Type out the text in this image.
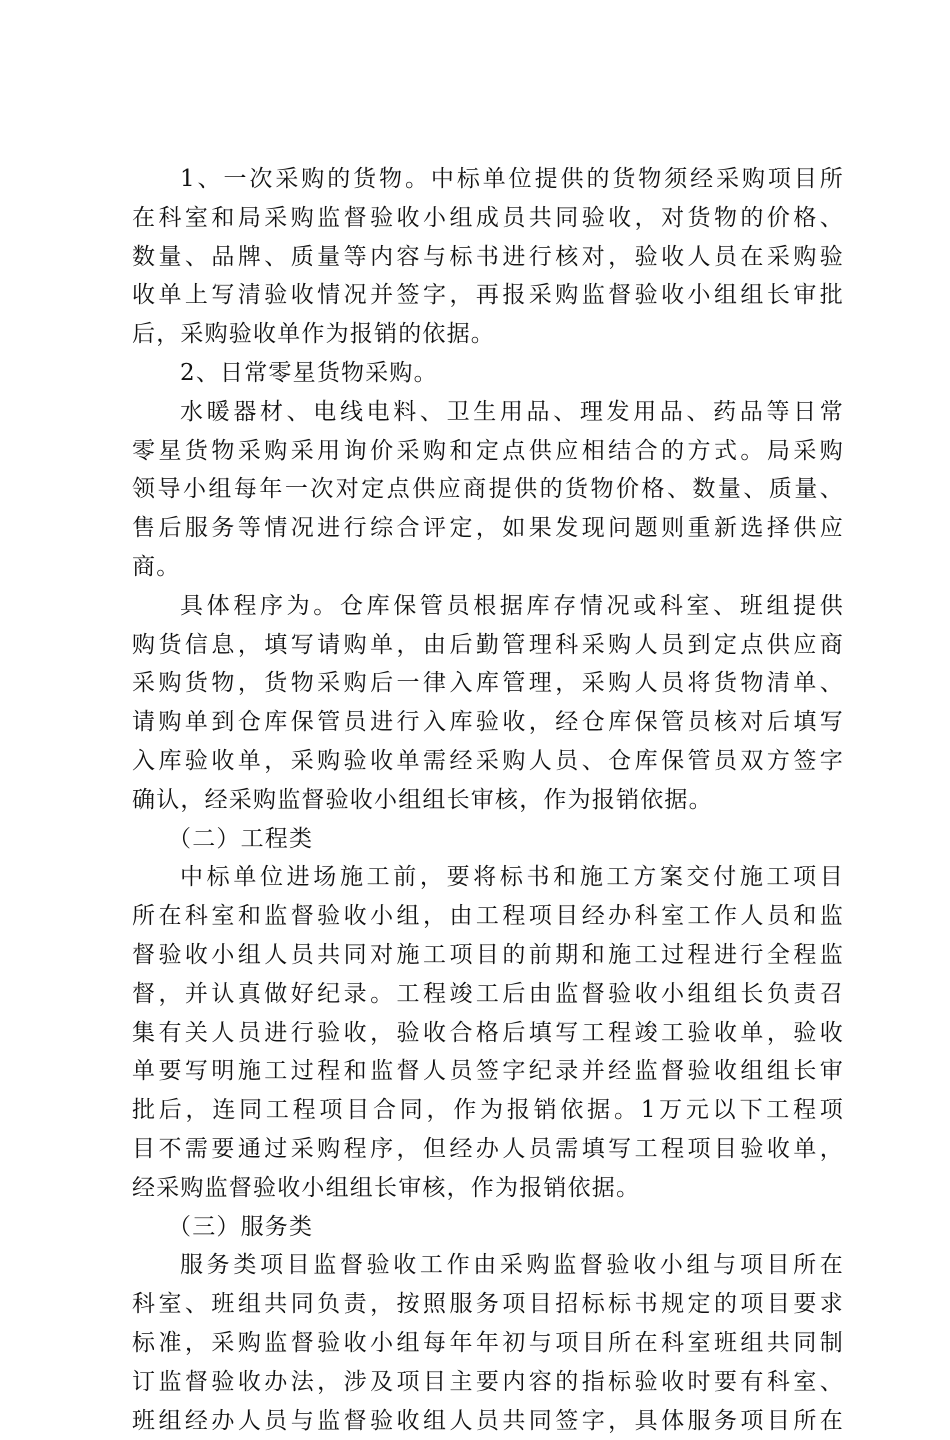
1、一次采购的货物。中标单位提供的货物须经采购项目所
在科室和局采购监督验收小组成员共同验收，对货物的价格、
数量、品牌、质量等内容与标书进行核对，验收人员在采购验
收单上写清验收情况并签字，再报采购监督验收小组组长审批
后，采购验收单作为报销的依据。
2、日常零星货物采购。
水暖器材、电线电料、卫生用品、理发用品、药品等日常
零星货物采购采用询价采购和定点供应相结合的方式。局采购
领导小组每年一次对定点供应商提供的货物价格、数量、质量、
售后服务等情况进行综合评定，如果发现问题则重新选择供应
商。
具体程序为。仓库保管员根据库存情况或科室、班组提供
购货信息，填写请购单，由后勤管理科采购人员到定点供应商
采购货物，货物采购后一律入库管理，采购人员将货物清单、
请购单到仓库保管员进行入库验收，经仓库保管员核对后填写
入库验收单，采购验收单需经采购人员、仓库保管员双方签字
确认，经采购监督验收小组组长审核，作为报销依据。
（二）工程类
中标单位进场施工前，要将标书和施工方案交付施工项目
所在科室和监督验收小组，由工程项目经办科室工作人员和监
督验收小组人员共同对施工项目的前期和施工过程进行全程监
督，并认真做好纪录。工程竣工后由监督验收小组组长负责召
集有关人员进行验收，验收合格后填写工程竣工验收单，验收
单要写明施工过程和监督人员签字纪录并经监督验收组组长审
批后，连同工程项目合同，作为报销依据。1万元以下工程项
目不需要通过采购程序，但经办人员需填写工程项目验收单，
经采购监督验收小组组长审核，作为报销依据。
（三）服务类
服务类项目监督验收工作由采购监督验收小组与项目所在
科室、班组共同负责，按照服务项目招标标书规定的项目要求
标准，采购监督验收小组每年年初与项目所在科室班组共同制
订监督验收办法，涉及项目主要内容的指标验收时要有科室、
班组经办人员与监督验收组人员共同签字，具体服务项目所在
